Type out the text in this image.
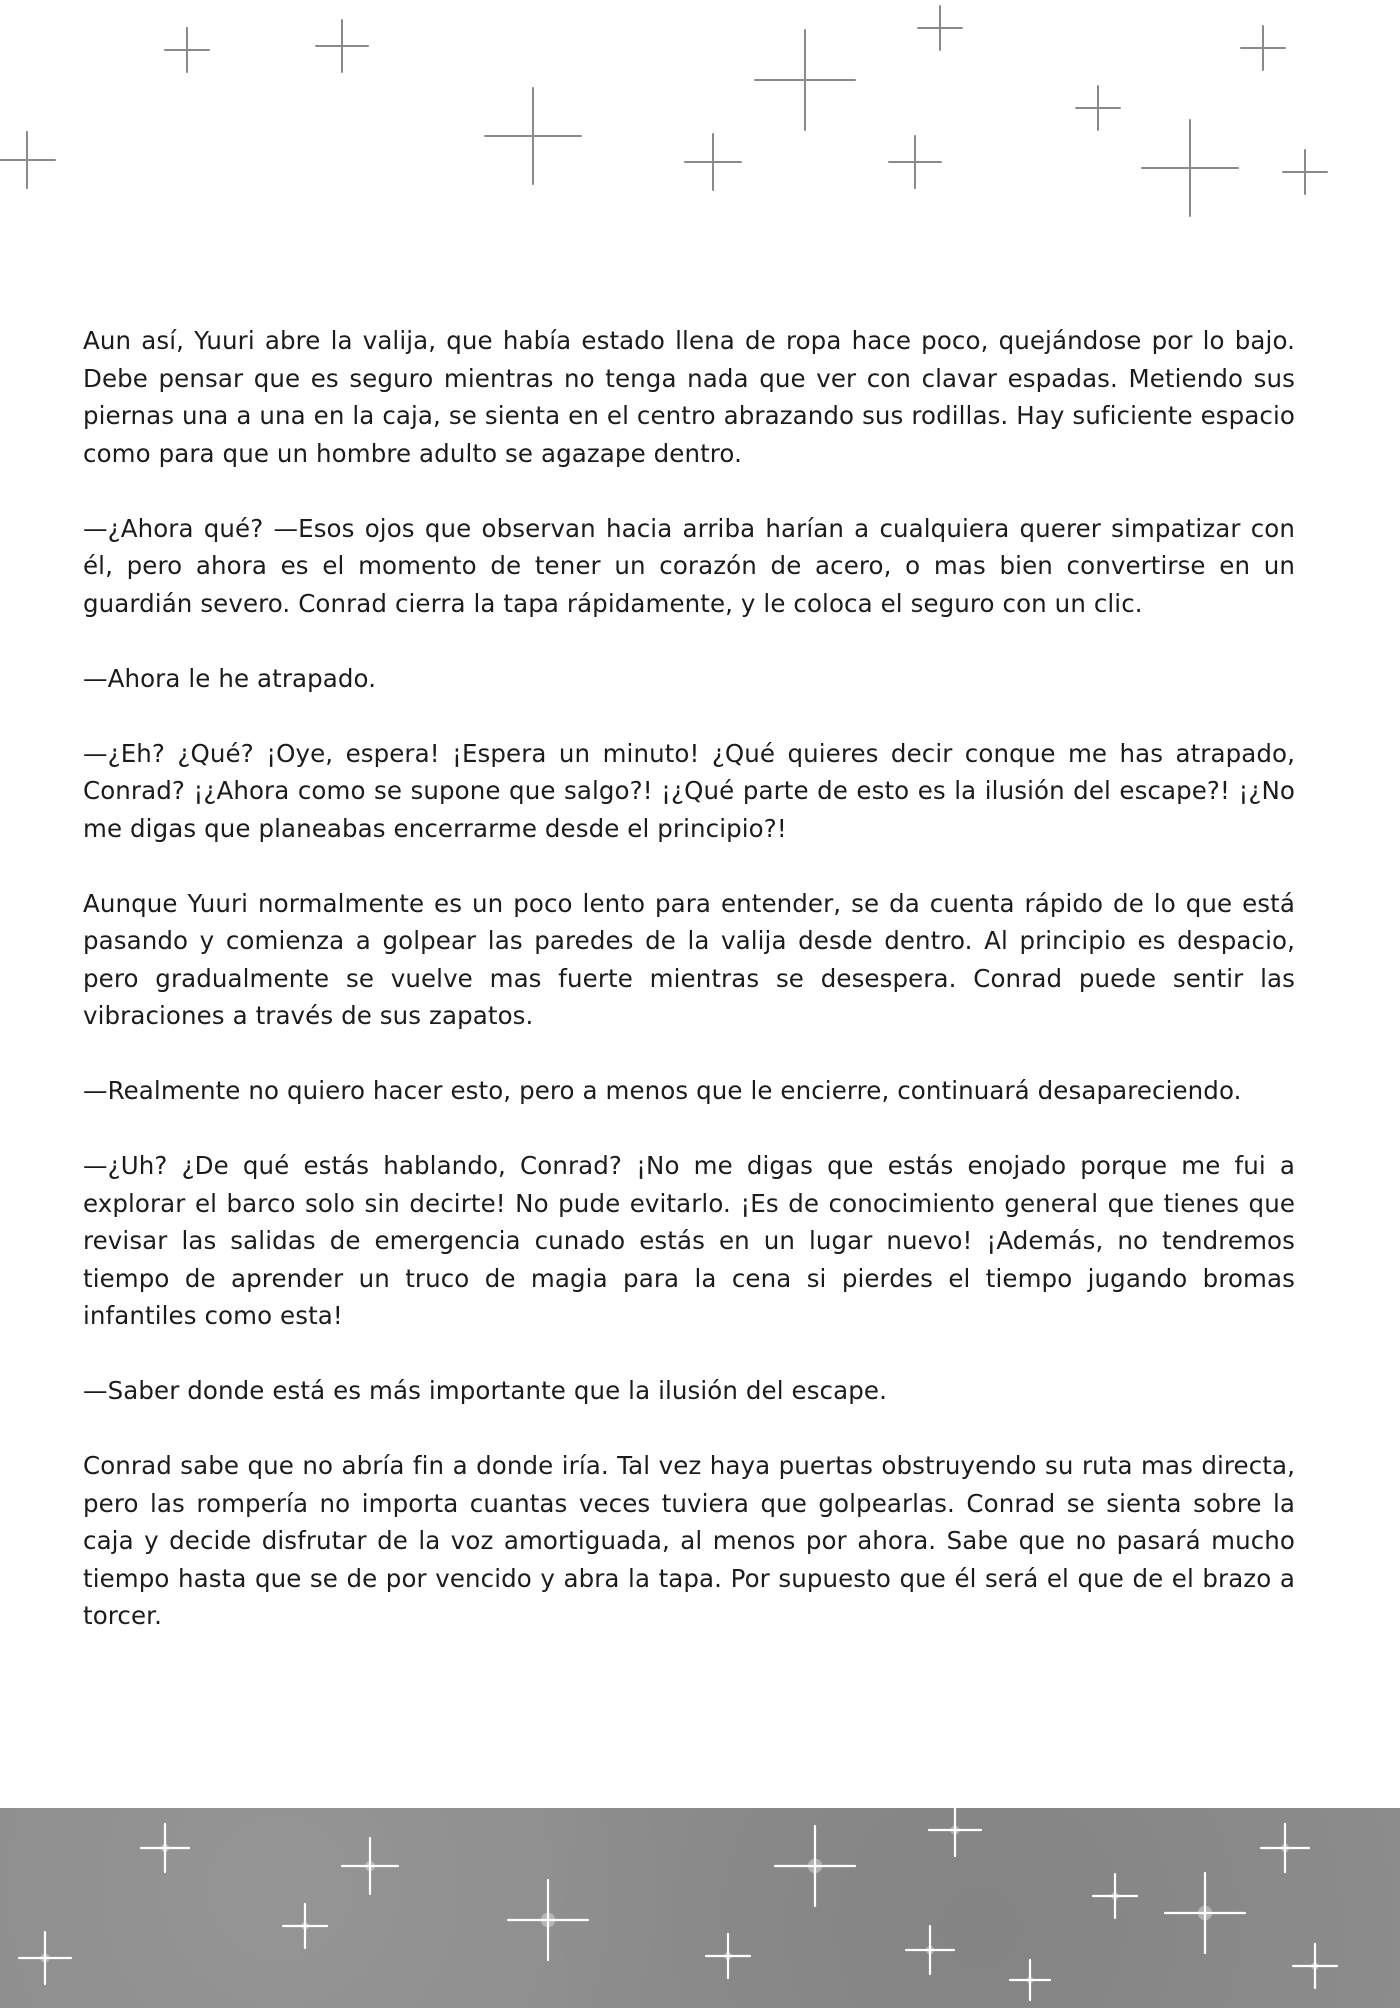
Aun así, Yuuri abre la valija, que había estado llena de ropa hace poco, quejándose por lo bajo. Debe pensar que es seguro mientras no tenga nada que ver con clavar espadas. Metiendo sus piernas una a una en la caja, se sienta en el centro abrazando sus rodillas. Hay suficiente espacio como para que un hombre adulto se agazape dentro.

—¿Ahora qué? —Esos ojos que observan hacia arriba harían a cualquiera querer simpatizar con él, pero ahora es el momento de tener un corazón de acero, o mas bien convertirse en un guardián severo. Conrad cierra la tapa rápidamente, y le coloca el seguro con un clic.

—Ahora le he atrapado.

—¿Eh? ¿Qué? ¡Oye, espera! ¡Espera un minuto! ¿Qué quieres decir conque me has atrapado, Conrad? ¡¿Ahora como se supone que salgo?! ¡¿Qué parte de esto es la ilusión del escape?! ¡¿No me digas que planeabas encerrarme desde el principio?!

Aunque Yuuri normalmente es un poco lento para entender, se da cuenta rápido de lo que está pasando y comienza a golpear las paredes de la valija desde dentro. Al principio es despacio, pero gradualmente se vuelve mas fuerte mientras se desespera. Conrad puede sentir las vibraciones a través de sus zapatos.

—Realmente no quiero hacer esto, pero a menos que le encierre, continuará desapareciendo.

—¿Uh? ¿De qué estás hablando, Conrad? ¡No me digas que estás enojado porque me fui a explorar el barco solo sin decirte! No pude evitarlo. ¡Es de conocimiento general que tienes que revisar las salidas de emergencia cunado estás en un lugar nuevo! ¡Además, no tendremos tiempo de aprender un truco de magia para la cena si pierdes el tiempo jugando bromas infantiles como esta!

—Saber donde está es más importante que la ilusión del escape.

Conrad sabe que no abría fin a donde iría. Tal vez haya puertas obstruyendo su ruta mas directa, pero las rompería no importa cuantas veces tuviera que golpearlas. Conrad se sienta sobre la caja y decide disfrutar de la voz amortiguada, al menos por ahora. Sabe que no pasará mucho tiempo hasta que se de por vencido y abra la tapa. Por supuesto que él será el que de el brazo a torcer.
